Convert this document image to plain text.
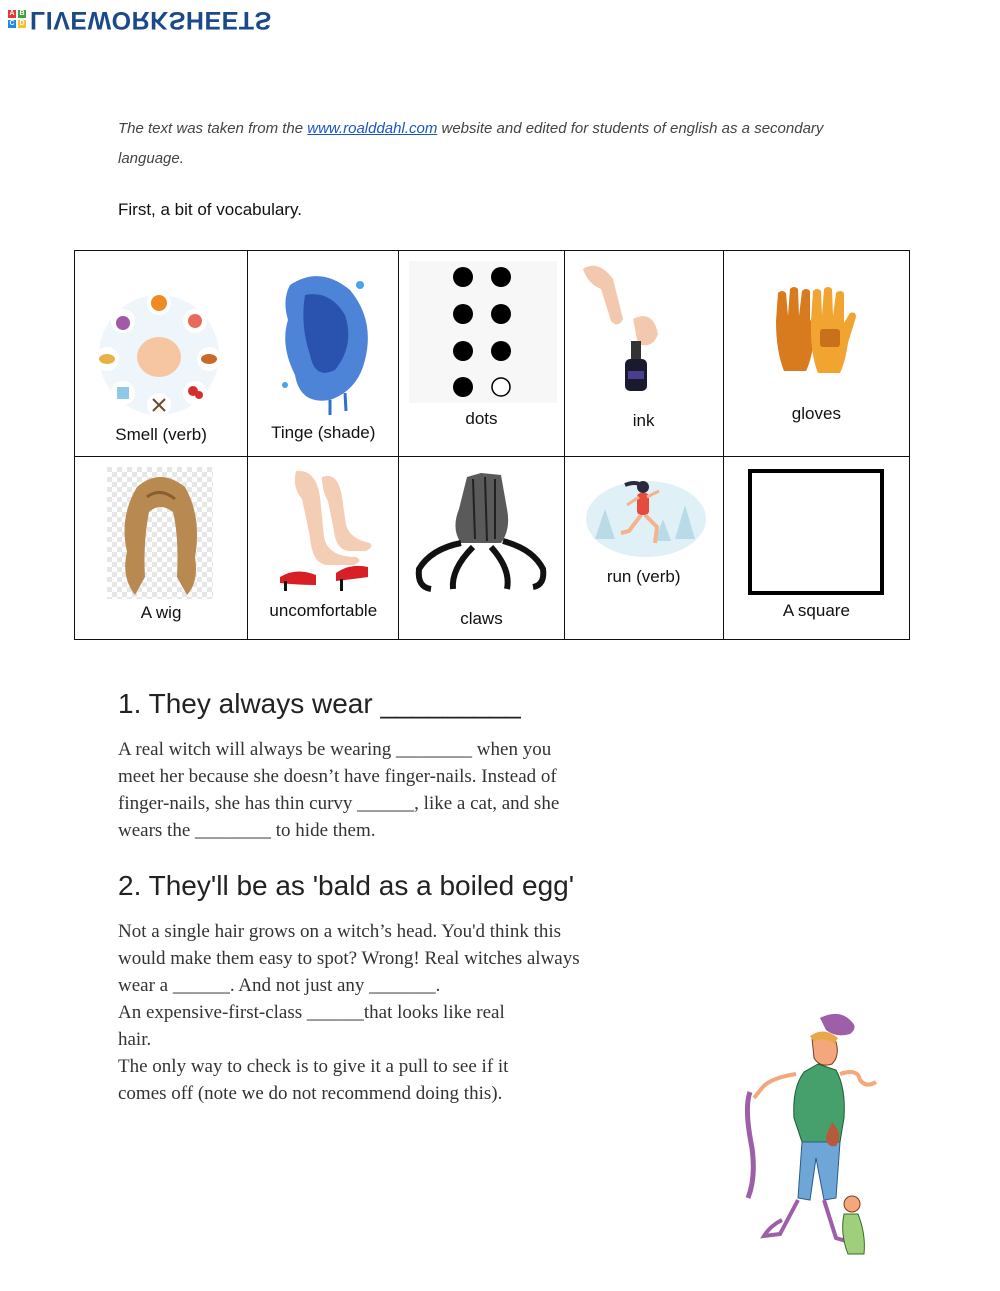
A B
C D LIVEWORKSHEETS
The text was taken from the www.roalddahl.com website and edited for students of english as a secondary language.
First, a bit of vocabulary.
Smell (verb)	Tinge (shade)	dots	ink	gloves

A wig	uncomfortable	claws	run (verb)	A square
1. They always wear _________
A real witch will always be wearing ________ when you
meet her because she doesn’t have finger-nails. Instead of
finger-nails, she has thin curvy ______, like a cat, and she
wears the ________ to hide them.
2. They'll be as 'bald as a boiled egg'
Not a single hair grows on a witch’s head. You'd think this
would make them easy to spot? Wrong! Real witches always
wear a ______. And not just any _______.
An expensive-first-class ______that looks like real
hair.
The only way to check is to give it a pull to see if it
comes off (note we do not recommend doing this).
